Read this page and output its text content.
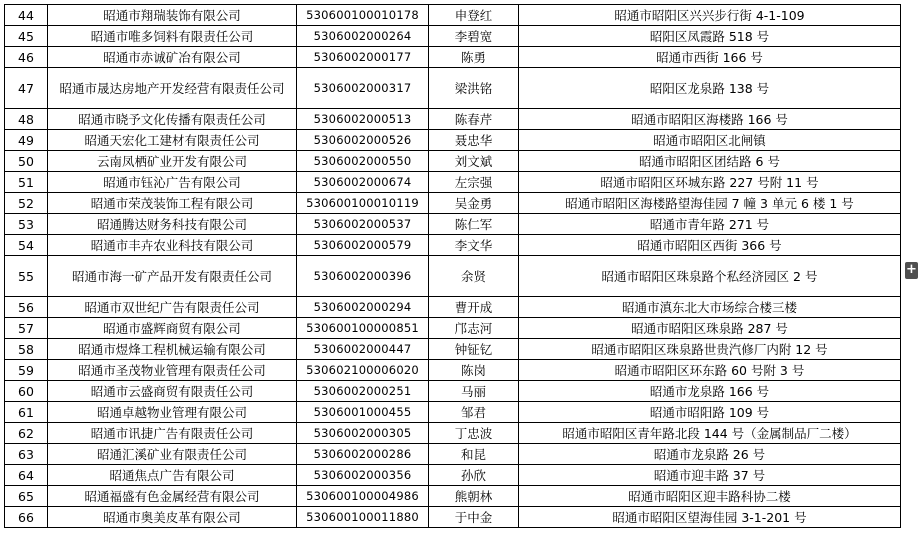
44	昭通市翔瑞装饰有限公司	530600100010178	申登红	昭通市昭阳区兴兴步行街 4-1-109
45	昭通市唯多饲料有限责任公司	5306002000264	李碧宽	昭阳区凤霞路 518 号
46	昭通市赤诚矿冶有限公司	5306002000177	陈勇	昭通市西街 166 号
47	昭通市晟达房地产开发经营有限责任公司	5306002000317	梁洪铭	昭阳区龙泉路 138 号
48	昭通市晓予文化传播有限责任公司	5306002000513	陈春芹	昭通市昭阳区海楼路 166 号
49	昭通天宏化工建材有限责任公司	5306002000526	聂忠华	昭通市昭阳区北闸镇
50	云南凤栖矿业开发有限公司	5306002000550	刘文斌	昭通市昭阳区团结路 6 号
51	昭通市钰沁广告有限公司	5306002000674	左宗强	昭通市昭阳区环城东路 227 号附 11 号
52	昭通市荣茂装饰工程有限公司	530600100010119	吴金勇	昭通市昭阳区海楼路望海佳园 7 幢 3 单元 6 楼 1 号
53	昭通腾达财务科技有限公司	5306002000537	陈仁军	昭通市青年路 271 号
54	昭通市丰卉农业科技有限公司	5306002000579	李文华	昭通市昭阳区西街 366 号
55	昭通市海一矿产品开发有限责任公司	5306002000396	余贤	昭通市昭阳区珠泉路个私经济园区 2 号
56	昭通市双世纪广告有限责任公司	5306002000294	曹开成	昭通市滇东北大市场综合楼三楼
57	昭通市盛辉商贸有限公司	530600100000851	邝志河	昭通市昭阳区珠泉路 287 号
58	昭通市煜烽工程机械运输有限公司	5306002000447	钟钲钇	昭通市昭阳区珠泉路世贵汽修厂内附 12 号
59	昭通市圣茂物业管理有限责任公司	530602100006020	陈岗	昭通市昭阳区环东路 60 号附 3 号
60	昭通市云盛商贸有限责任公司	5306002000251	马丽	昭通市龙泉路 166 号
61	昭通卓越物业管理有限公司	5306001000455	邹君	昭通市昭阳路 109 号
62	昭通市讯捷广告有限责任公司	5306002000305	丁忠波	昭通市昭阳区青年路北段 144 号（金属制品厂二楼）
63	昭通汇溪矿业有限责任公司	5306002000286	和昆	昭通市龙泉路 26 号
64	昭通焦点广告有限公司	5306002000356	孙欣	昭通市迎丰路 37 号
65	昭通福盛有色金属经营有限公司	530600100004986	熊朝林	昭通市昭阳区迎丰路科协二楼
66	昭通市奥美皮革有限公司	530600100011880	于中金	昭通市昭阳区望海佳园 3-1-201 号
+
